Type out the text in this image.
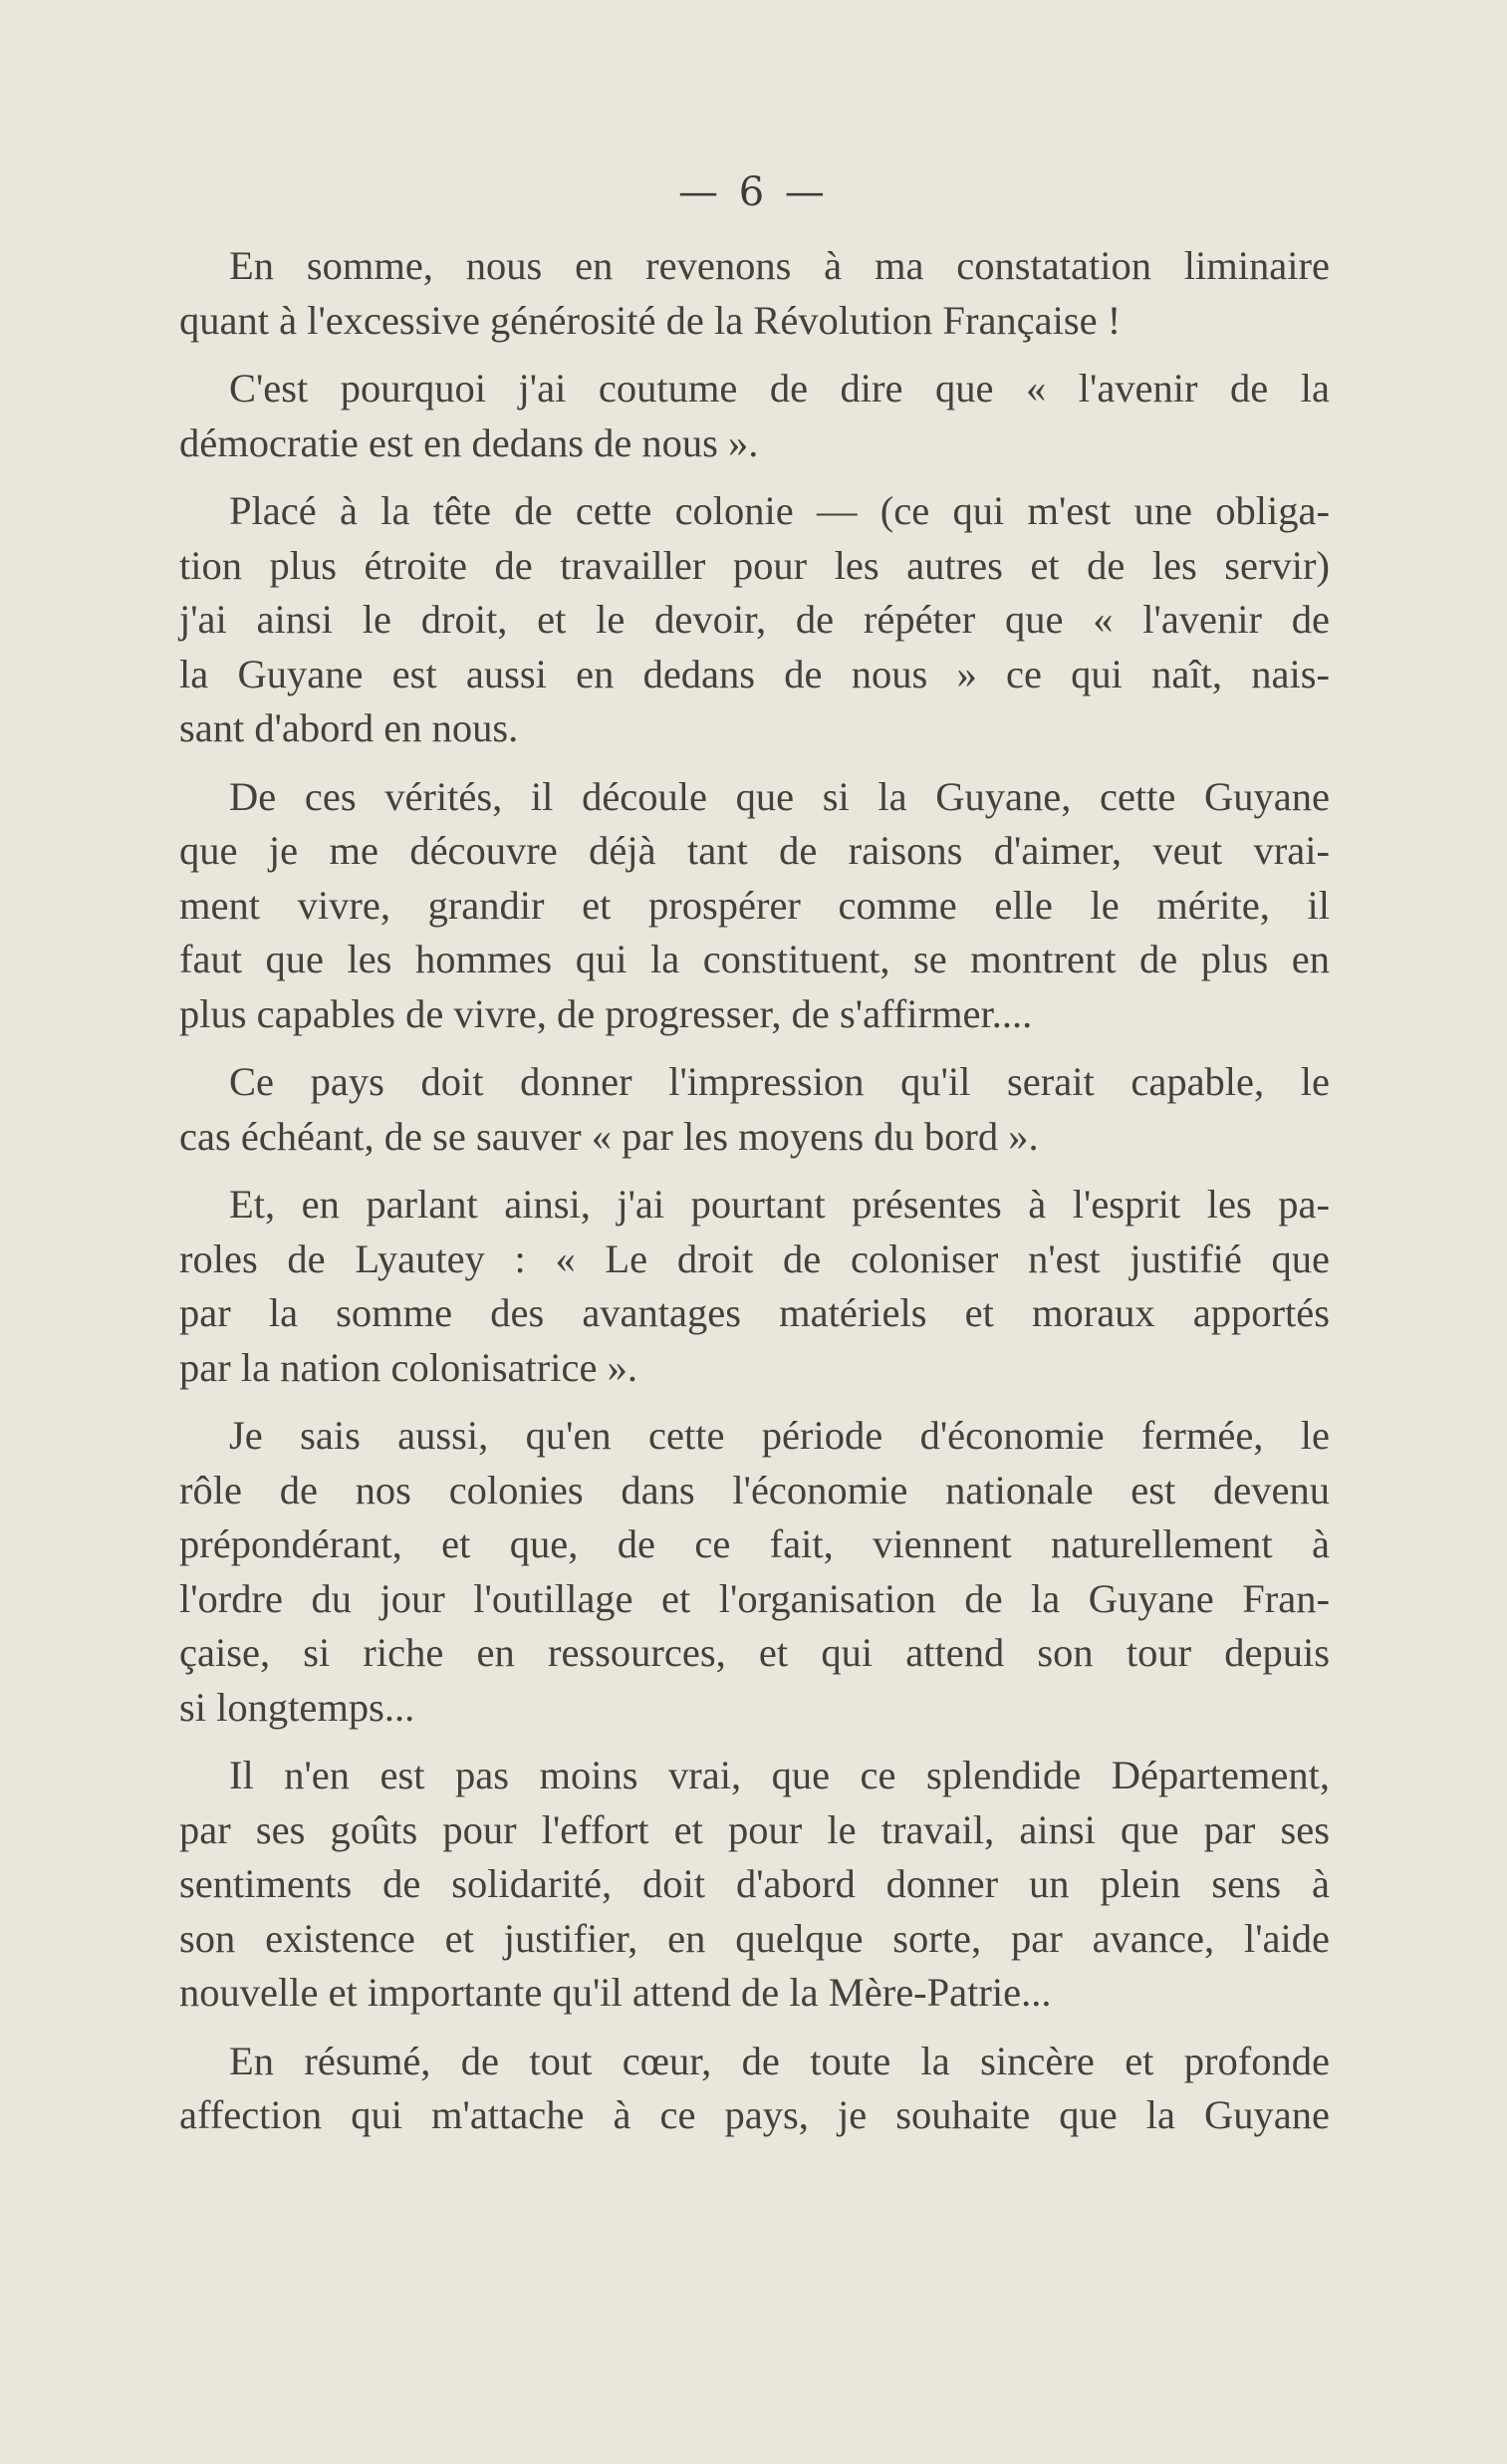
— 6 —
En somme, nous en revenons à ma constatation liminaire
quant à l'excessive générosité de la Révolution Française !
C'est pourquoi j'ai coutume de dire que « l'avenir de la
démocratie est en dedans de nous ».
Placé à la tête de cette colonie — (ce qui m'est une obliga-
tion plus étroite de travailler pour les autres et de les servir)
j'ai ainsi le droit, et le devoir, de répéter que « l'avenir de
la Guyane est aussi en dedans de nous » ce qui naît, nais-
sant d'abord en nous.
De ces vérités, il découle que si la Guyane, cette Guyane
que je me découvre déjà tant de raisons d'aimer, veut vrai-
ment vivre, grandir et prospérer comme elle le mérite, il
faut que les hommes qui la constituent, se montrent de plus en
plus capables de vivre, de progresser, de s'affirmer....
Ce pays doit donner l'impression qu'il serait capable, le
cas échéant, de se sauver « par les moyens du bord ».
Et, en parlant ainsi, j'ai pourtant présentes à l'esprit les pa-
roles de Lyautey : « Le droit de coloniser n'est justifié que
par la somme des avantages matériels et moraux apportés
par la nation colonisatrice ».
Je sais aussi, qu'en cette période d'économie fermée, le
rôle de nos colonies dans l'économie nationale est devenu
prépondérant, et que, de ce fait, viennent naturellement à
l'ordre du jour l'outillage et l'organisation de la Guyane Fran-
çaise, si riche en ressources, et qui attend son tour depuis
si longtemps...
Il n'en est pas moins vrai, que ce splendide Département,
par ses goûts pour l'effort et pour le travail, ainsi que par ses
sentiments de solidarité, doit d'abord donner un plein sens à
son existence et justifier, en quelque sorte, par avance, l'aide
nouvelle et importante qu'il attend de la Mère-Patrie...
En résumé, de tout cœur, de toute la sincère et profonde
affection qui m'attache à ce pays, je souhaite que la Guyane
